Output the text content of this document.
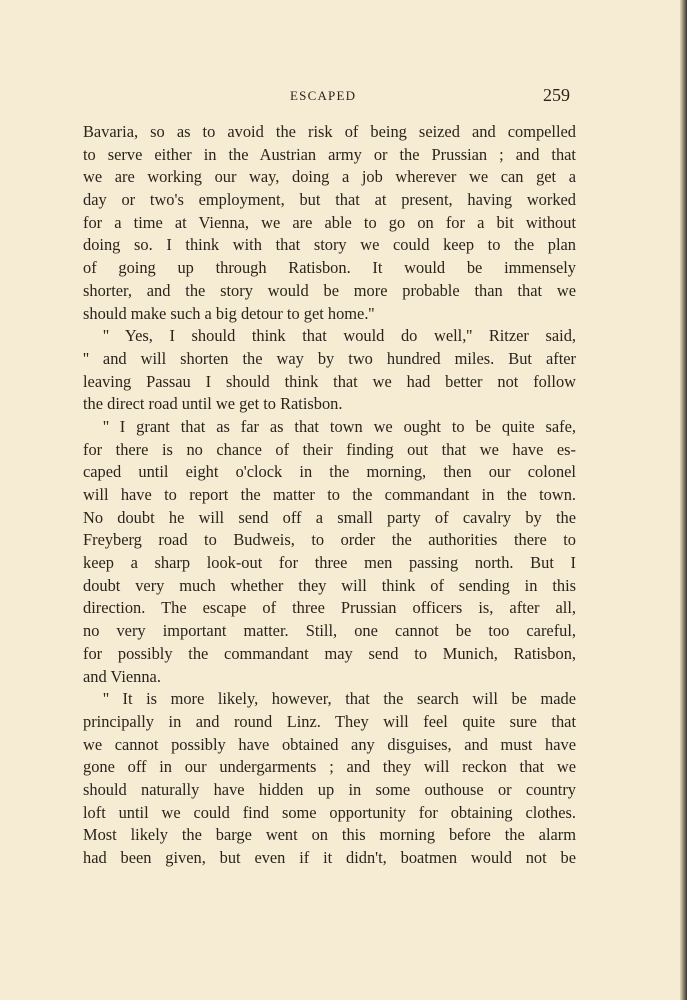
ESCAPED	259
Bavaria, so as to avoid the risk of being seized and compelled
to serve either in the Austrian army or the Prussian ; and that
we are working our way, doing a job wherever we can get a
day or two's employment, but that at present, having worked
for a time at Vienna, we are able to go on for a bit without
doing so. I think with that story we could keep to the plan
of going up through Ratisbon. It would be immensely
shorter, and the story would be more probable than that we
should make such a big detour to get home.''
'' Yes, I should think that would do well,'' Ritzer said,
'' and will shorten the way by two hundred miles. But after
leaving Passau I should think that we had better not follow
the direct road until we get to Ratisbon.
'' I grant that as far as that town we ought to be quite safe,
for there is no chance of their finding out that we have es-
caped until eight o'clock in the morning, then our colonel
will have to report the matter to the commandant in the town.
No doubt he will send off a small party of cavalry by the
Freyberg road to Budweis, to order the authorities there to
keep a sharp look-out for three men passing north. But I
doubt very much whether they will think of sending in this
direction. The escape of three Prussian officers is, after all,
no very important matter. Still, one cannot be too careful,
for possibly the commandant may send to Munich, Ratisbon,
and Vienna.
'' It is more likely, however, that the search will be made
principally in and round Linz. They will feel quite sure that
we cannot possibly have obtained any disguises, and must have
gone off in our undergarments ; and they will reckon that we
should naturally have hidden up in some outhouse or country
loft until we could find some opportunity for obtaining clothes.
Most likely the barge went on this morning before the alarm
had been given, but even if it didn't, boatmen would not be
